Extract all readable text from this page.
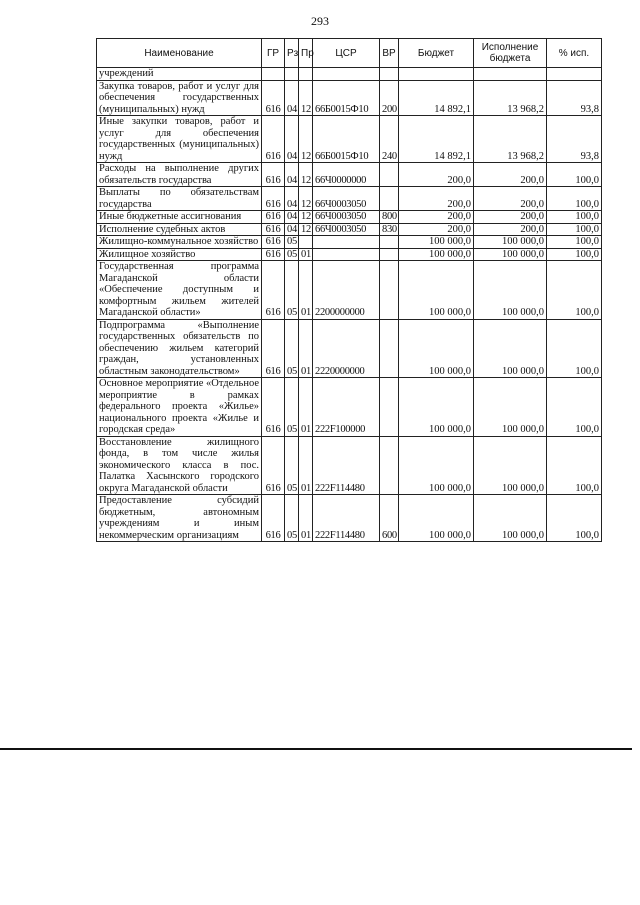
293
Наименование	ГР	Рз	Пр	ЦСР	ВР	Бюджет	Исполнение бюджета	% исп.
учреждений								
Закупка товаров, работ и услуг для обеспечения государственных (муниципальных) нужд	616	04	12	66Б0015Ф10	200	14 892,1	13 968,2	93,8
Иные закупки товаров, работ и услуг для обеспечения государственных (муниципальных) нужд	616	04	12	66Б0015Ф10	240	14 892,1	13 968,2	93,8
Расходы на выполнение других обязательств государства	616	04	12	66Ч0000000		200,0	200,0	100,0
Выплаты по обязательствам государства	616	04	12	66Ч0003050		200,0	200,0	100,0
Иные бюджетные ассигнования	616	04	12	66Ч0003050	800	200,0	200,0	100,0
Исполнение судебных актов	616	04	12	66Ч0003050	830	200,0	200,0	100,0
Жилищно-коммунальное хозяйство	616	05				100 000,0	100 000,0	100,0
Жилищное хозяйство	616	05	01			100 000,0	100 000,0	100,0
Государственная программа Магаданской области «Обеспечение доступным и комфортным жильем жителей Магаданской области»	616	05	01	2200000000		100 000,0	100 000,0	100,0
Подпрограмма «Выполнение государственных обязательств по обеспечению жильем категорий граждан, установленных областным законодательством»	616	05	01	2220000000		100 000,0	100 000,0	100,0
Основное мероприятие «Отдельное мероприятие в рамках федерального проекта «Жилье» национального проекта «Жилье и городская среда»	616	05	01	222F100000		100 000,0	100 000,0	100,0
Восстановление жилищного фонда, в том числе жилья экономического класса в пос. Палатка Хасынского городского округа Магаданской области	616	05	01	222F114480		100 000,0	100 000,0	100,0
Предоставление субсидий бюджетным, автономным учреждениям и иным некоммерческим организациям	616	05	01	222F114480	600	100 000,0	100 000,0	100,0
